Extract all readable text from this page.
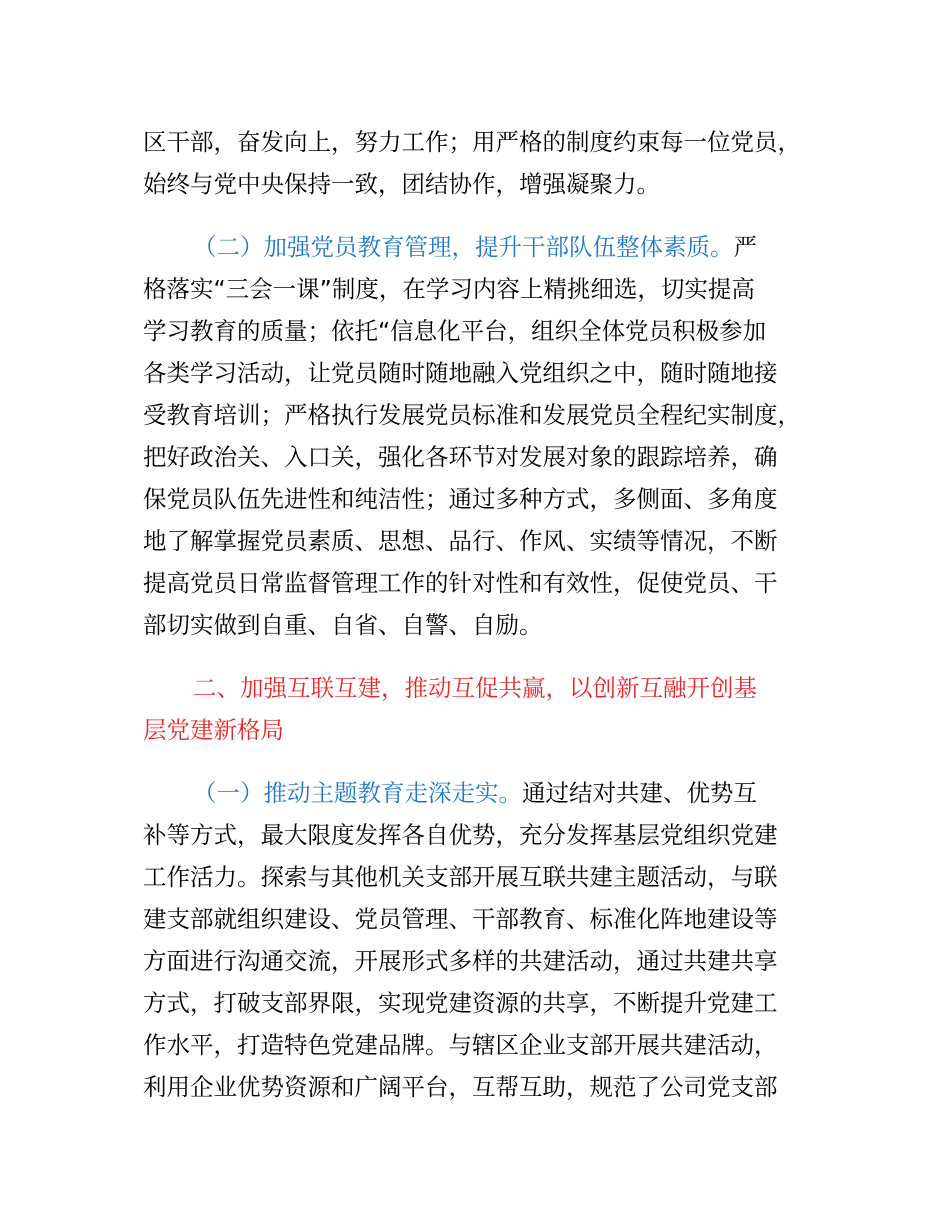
区干部，奋发向上，努力工作；用严格的制度约束每一位党员，
始终与党中央保持一致，团结协作，增强凝聚力。
（二）加强党员教育管理，提升干部队伍整体素质。严
格落实“三会一课”制度，在学习内容上精挑细选，切实提高
学习教育的质量；依托“信息化平台，组织全体党员积极参加
各类学习活动，让党员随时随地融入党组织之中，随时随地接
受教育培训；严格执行发展党员标准和发展党员全程纪实制度，
把好政治关、入口关，强化各环节对发展对象的跟踪培养，确
保党员队伍先进性和纯洁性；通过多种方式，多侧面、多角度
地了解掌握党员素质、思想、品行、作风、实绩等情况，不断
提高党员日常监督管理工作的针对性和有效性，促使党员、干
部切实做到自重、自省、自警、自励。
二、加强互联互建，推动互促共赢，以创新互融开创基
层党建新格局
（一）推动主题教育走深走实。通过结对共建、优势互
补等方式，最大限度发挥各自优势，充分发挥基层党组织党建
工作活力。探索与其他机关支部开展互联共建主题活动，与联
建支部就组织建设、党员管理、干部教育、标准化阵地建设等
方面进行沟通交流，开展形式多样的共建活动，通过共建共享
方式，打破支部界限，实现党建资源的共享，不断提升党建工
作水平，打造特色党建品牌。与辖区企业支部开展共建活动，
利用企业优势资源和广阔平台，互帮互助，规范了公司党支部
